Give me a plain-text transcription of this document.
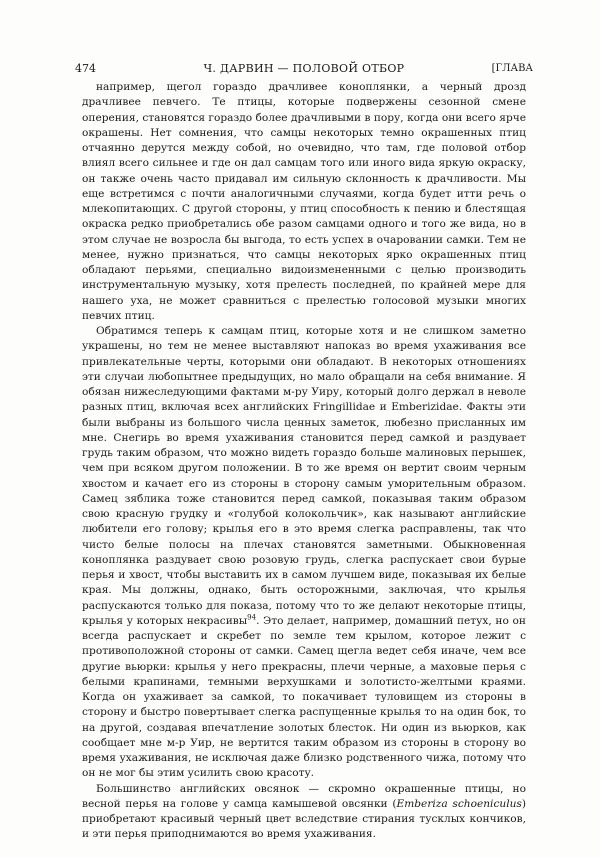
474	Ч. ДАРВИН — ПОЛОВОЙ ОТБОР	[ГЛАВА

например, щегол гораздо драчливее коноплянки, а черный дрозд драчливее певчего. Те птицы, которые подвержены сезонной смене оперения, становятся гораздо более драчливыми в пору, когда они всего ярче окрашены. Нет сомнения, что самцы некоторых темно окрашенных птиц отчаянно дерутся между собой, но очевидно, что там, где половой отбор влиял всего сильнее и где он дал самцам того или иного вида яркую окраску, он также очень часто придавал им сильную склонность к драчливости. Мы еще встретимся с почти аналогичными случаями, когда будет итти речь о млекопитающих. С другой стороны, у птиц способность к пению и блестящая окраска редко приобретались обе разом самцами одного и того же вида, но в этом случае не возросла бы выгода, то есть успех в очаровании самки. Тем не менее, нужно признаться, что самцы некоторых ярко окрашенных птиц обладают перьями, специально видоизмененными с целью производить инструментальную музыку, хотя прелесть последней, по крайней мере для нашего уха, не может сравниться с прелестью голосовой музыки многих певчих птиц.

Обратимся теперь к самцам птиц, которые хотя и не слишком заметно украшены, но тем не менее выставляют напоказ во время ухаживания все привлекательные черты, которыми они обладают. В некоторых отношениях эти случаи любопытнее предыдущих, но мало обращали на себя внимание. Я обязан нижеследующими фактами м-ру Уиру, который долго держал в неволе разных птиц, включая всех английских Fringillidae и Emberizidae. Факты эти были выбраны из большого числа ценных заметок, любезно присланных им мне. Снегирь во время ухаживания становится перед самкой и раздувает грудь таким образом, что можно видеть гораздо больше малиновых перышек, чем при всяком другом положении. В то же время он вертит своим черным хвостом и качает его из стороны в сторону самым уморительным образом. Самец зяблика тоже становится перед самкой, показывая таким образом свою красную грудку и «голубой колокольчик», как называют английские любители его голову; крылья его в это время слегка расправлены, так что чисто белые полосы на плечах становятся заметными. Обыкновенная коноплянка раздувает свою розовую грудь, слегка распускает свои бурые перья и хвост, чтобы выставить их в самом лучшем виде, показывая их белые края. Мы должны, однако, быть осторожными, заключая, что крылья распускаются только для показа, потому что то же делают некоторые птицы, крылья у которых некрасивы$^{94}$. Это делает, например, домашний петух, но он всегда распускает и скребет по земле тем крылом, которое лежит с противоположной стороны от самки. Самец щегла ведет себя иначе, чем все другие вьюрки: крылья у него прекрасны, плечи черные, а маховые перья с белыми крапинами, темными верхушками и золотисто-желтыми краями. Когда он ухаживает за самкой, то покачивает туловищем из стороны в сторону и быстро повертывает слегка распущенные крылья то на один бок, то на другой, создавая впечатление золотых блесток. Ни один из вьюрков, как сообщает мне м-р Уир, не вертится таким образом из стороны в сторону во время ухаживания, не исключая даже близко родственного чижа, потому что он не мог бы этим усилить свою красоту.

Большинство английских овсянок — скромно окрашенные птицы, но весной перья на голове у самца камышевой овсянки (Emberiza schoeniculus) приобретают красивый черный цвет вследствие стирания тусклых кончиков, и эти перья приподнимаются во время ухаживания.
